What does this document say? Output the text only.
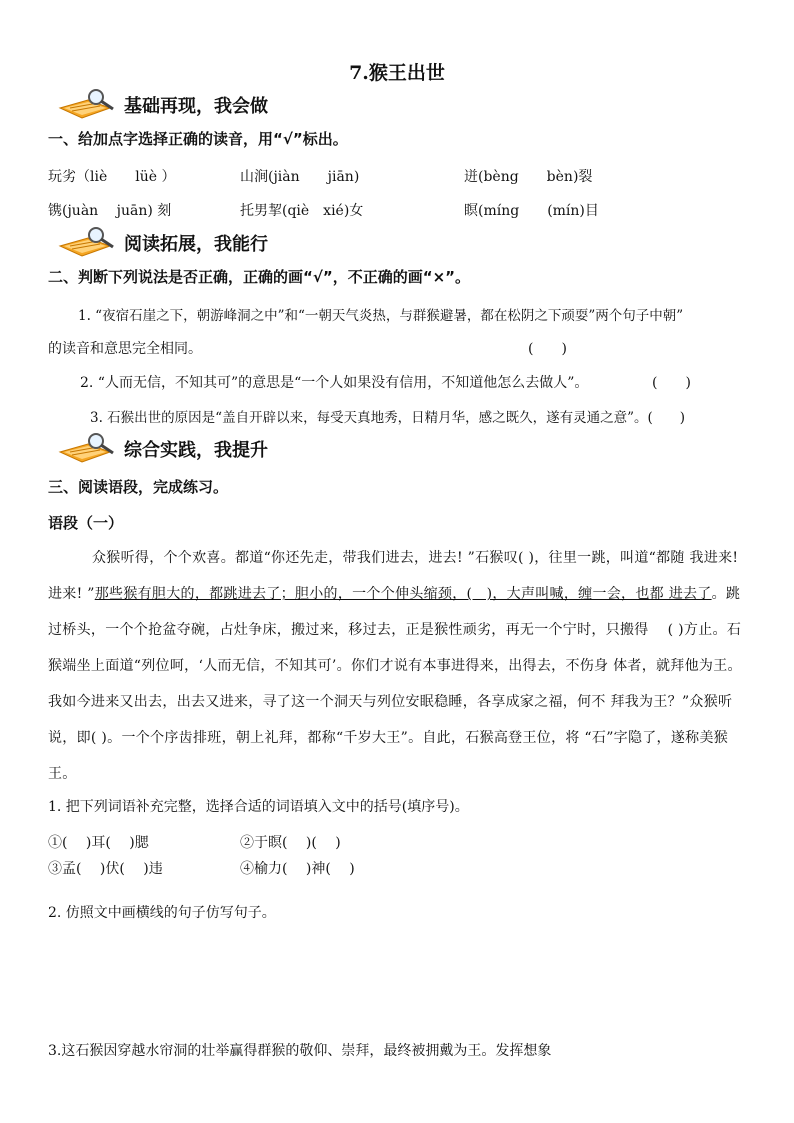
7.猴王出世
基础再现，我会做
一、给加点字选择正确的读音，用“√”标出。
玩劣（liè　　lüè ）	山涧(jiàn　　jiān)	迸(bèng　　bèn)裂
镌(juàn　 juān) 刻	托男挈(qiè　xié)女	瞑(míng　　(mín)目
阅读拓展，我能行
二、判断下列说法是否正确，正确的画“√”，不正确的画“×”。
1. “夜宿石崖之下，朝游峰洞之中”和“一朝天气炎热，与群猴避暑，都在松阴之下顽耍”两个句子中朝”
的读音和意思完全相同。	(　　)
2. “人而无信，不知其可”的意思是“一个人如果没有信用，不知道他怎么去做人”。	(　　)
3. 石猴出世的原因是“盖自开辟以来，每受天真地秀，日精月华，感之既久，遂有灵通之意”。(　　)
综合实践，我提升
三、阅读语段，完成练习。
语段（一）
众猴听得，个个欢喜。都道“你还先走，带我们进去，进去! ”石猴叹( )，往里一跳，叫道“都随 我进来! 进来! ”那些猴有胆大的，都跳进去了；胆小的，一个个伸头缩颈，(　)，大声叫喊，缠一会，也都 进去了。跳过桥头，一个个抢盆夺碗，占灶争床，搬过来，移过去，正是猴性顽劣，再无一个宁时，只搬得　 ( )方止。石猴端坐上面道“列位呵，‘人而无信，不知其可’。你们才说有本事进得来，出得去，不伤身 体者，就拜他为王。我如今进来又出去，出去又进来，寻了这一个洞天与列位安眠稳睡，各享成家之福，何不 拜我为王？”众猴听说，即( )。一个个序齿排班，朝上礼拜，都称“千岁大王”。自此，石猴高登王位，将 “石”字隐了，遂称美猴王。
1. 把下列词语补充完整，选择合适的词语填入文中的括号(填序号)。
①(　 )耳(　 )腮	②于瞑(　 )(　 )
③孟(　 )伏(　 )违	④榆力(　 )神(　 )
2. 仿照文中画横线的句子仿写句子。
3.这石猴因穿越水帘洞的壮举赢得群猴的敬仰、崇拜，最终被拥戴为王。发挥想象
